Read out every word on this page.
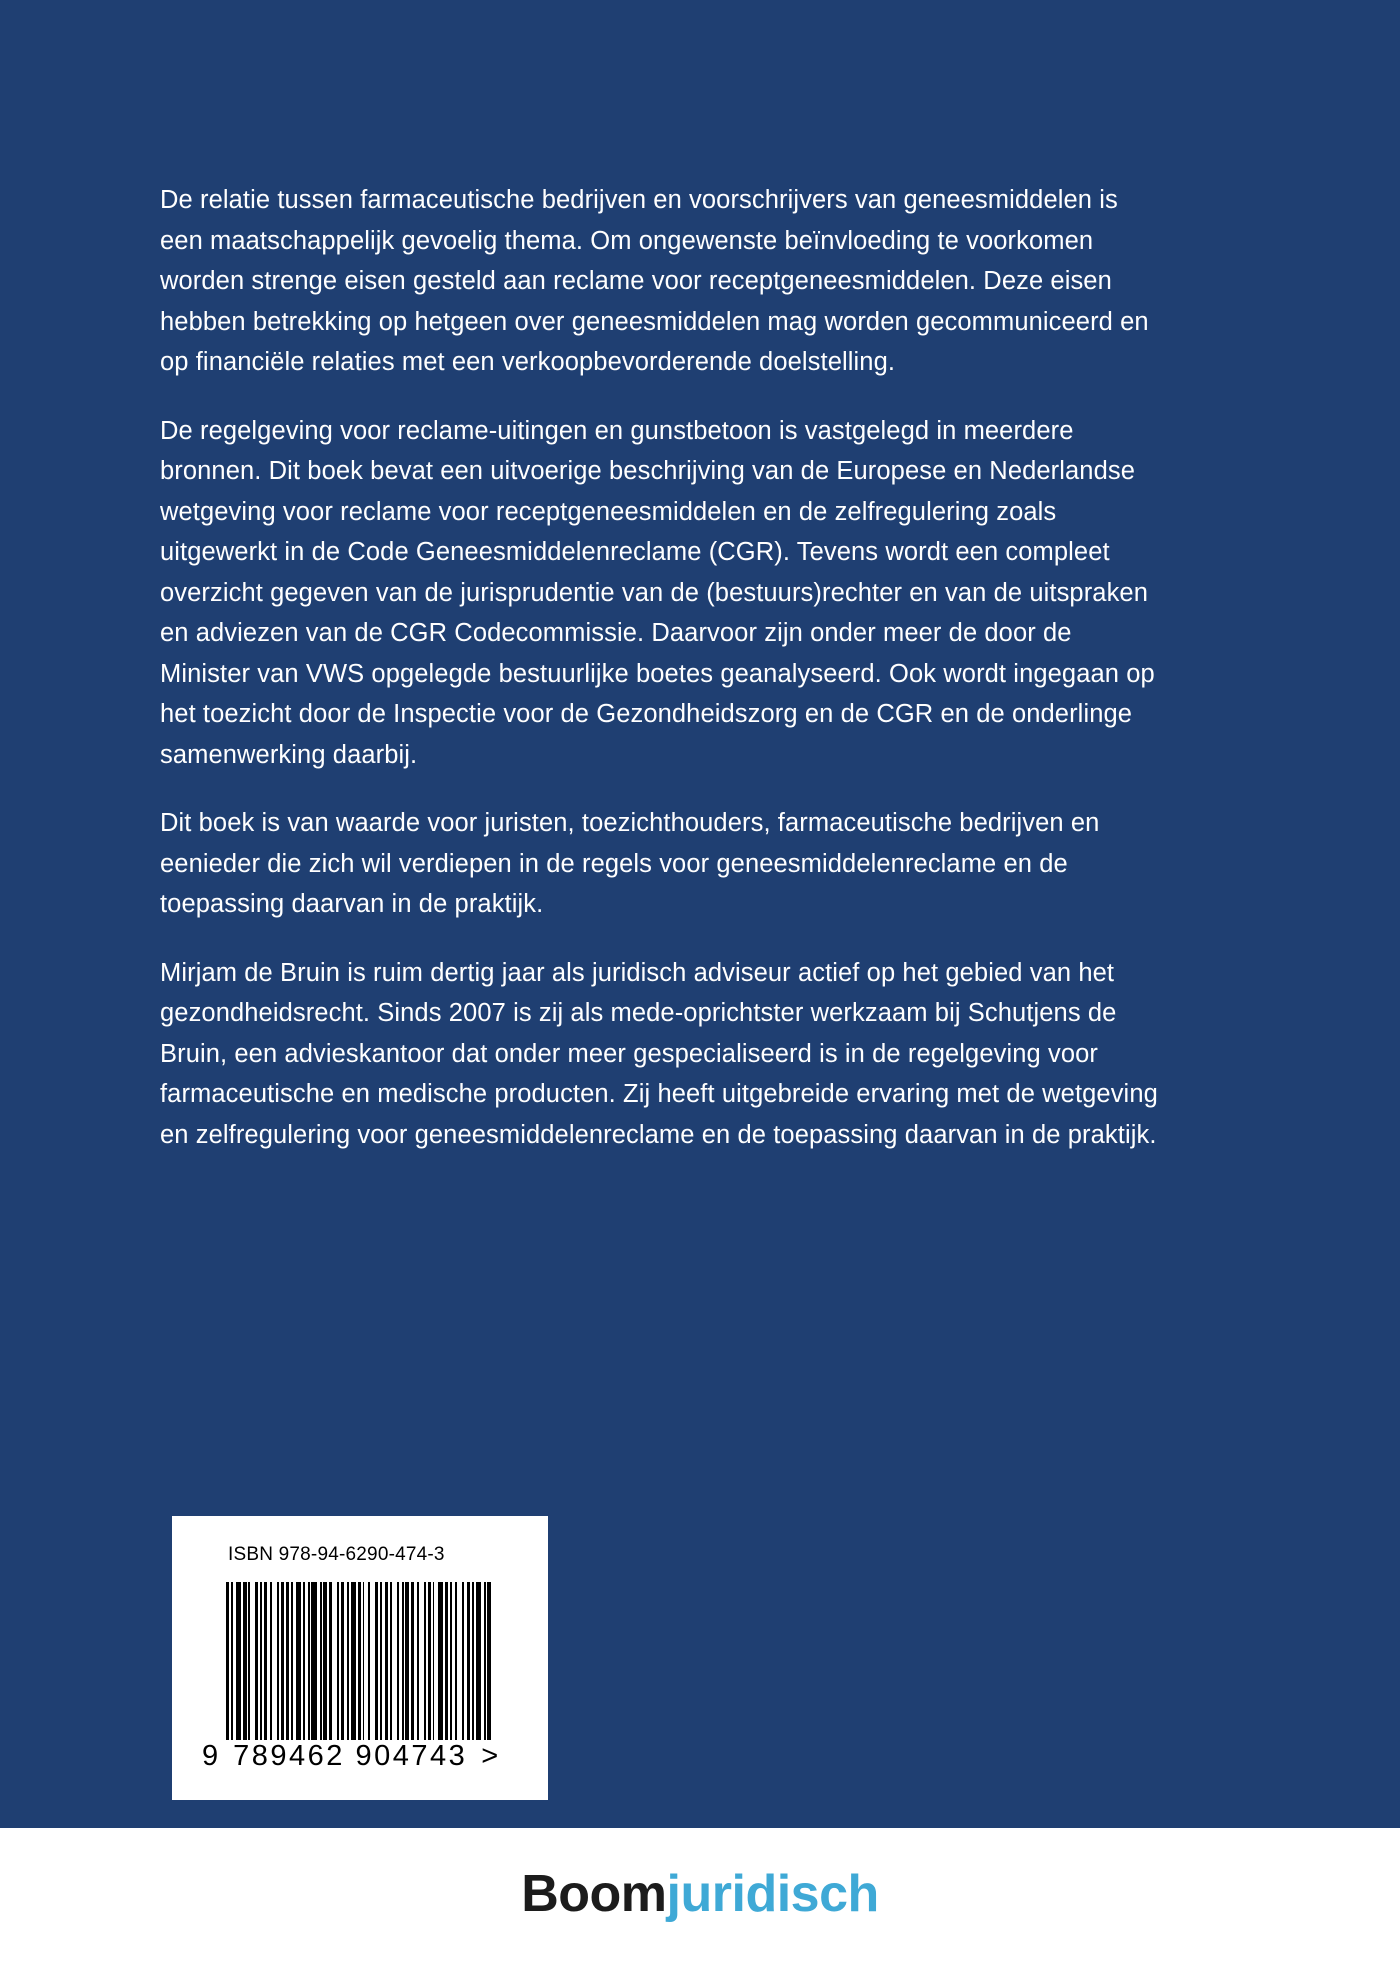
De relatie tussen farmaceutische bedrijven en voorschrijvers van geneesmiddelen is een maatschappelijk gevoelig thema. Om ongewenste beïnvloeding te voorkomen worden strenge eisen gesteld aan reclame voor receptgeneesmiddelen. Deze eisen hebben betrekking op hetgeen over geneesmiddelen mag worden gecommuniceerd en op financiële relaties met een verkoopbevorderende doelstelling.

De regelgeving voor reclame-uitingen en gunstbetoon is vastgelegd in meerdere bronnen. Dit boek bevat een uitvoerige beschrijving van de Europese en Nederlandse wetgeving voor reclame voor receptgeneesmiddelen en de zelfregulering zoals uitgewerkt in de Code Geneesmiddelenreclame (CGR). Tevens wordt een compleet overzicht gegeven van de jurisprudentie van de (bestuurs)rechter en van de uitspraken en adviezen van de CGR Codecommissie. Daarvoor zijn onder meer de door de Minister van VWS opgelegde bestuurlijke boetes geanalyseerd. Ook wordt ingegaan op het toezicht door de Inspectie voor de Gezondheidszorg en de CGR en de onderlinge samenwerking daarbij.

Dit boek is van waarde voor juristen, toezichthouders, farmaceutische bedrijven en eenieder die zich wil verdiepen in de regels voor geneesmiddelenreclame en de toepassing daarvan in de praktijk.

Mirjam de Bruin is ruim dertig jaar als juridisch adviseur actief op het gebied van het gezondheidsrecht. Sinds 2007 is zij als mede-oprichtster werkzaam bij Schutjens de Bruin, een advieskantoor dat onder meer gespecialiseerd is in de regelgeving voor farmaceutische en medische producten. Zij heeft uitgebreide ervaring met de wetgeving en zelfregulering voor geneesmiddelenreclame en de toepassing daarvan in de praktijk.

ISBN 978-94-6290-474-3
9 789462 904743 >
Boomjuridisch
